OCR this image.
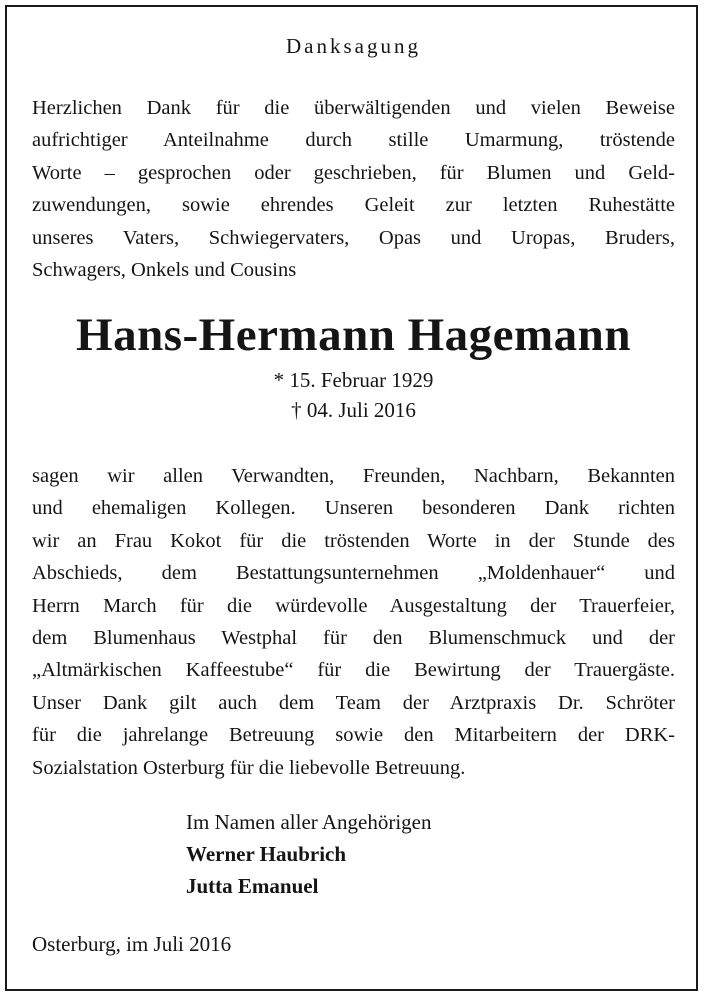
Danksagung

Herzlichen Dank für die überwältigenden und vielen Beweise
aufrichtiger Anteilnahme durch stille Umarmung, tröstende
Worte – gesprochen oder geschrieben, für Blumen und Geld-
zuwendungen, sowie ehrendes Geleit zur letzten Ruhestätte
unseres Vaters, Schwiegervaters, Opas und Uropas, Bruders,
Schwagers, Onkels und Cousins

Hans-Hermann Hagemann
* 15. Februar 1929
† 04. Juli 2016

sagen wir allen Verwandten, Freunden, Nachbarn, Bekannten
und ehemaligen Kollegen. Unseren besonderen Dank richten
wir an Frau Kokot für die tröstenden Worte in der Stunde des
Abschieds, dem Bestattungsunternehmen „Moldenhauer“ und
Herrn March für die würdevolle Ausgestaltung der Trauerfeier,
dem Blumenhaus Westphal für den Blumenschmuck und der
„Altmärkischen Kaffeestube“ für die Bewirtung der Trauergäste.
Unser Dank gilt auch dem Team der Arztpraxis Dr. Schröter
für die jahrelange Betreuung sowie den Mitarbeitern der DRK-
Sozialstation Osterburg für die liebevolle Betreuung.

Im Namen aller Angehörigen
Werner Haubrich
Jutta Emanuel
Osterburg, im Juli 2016
